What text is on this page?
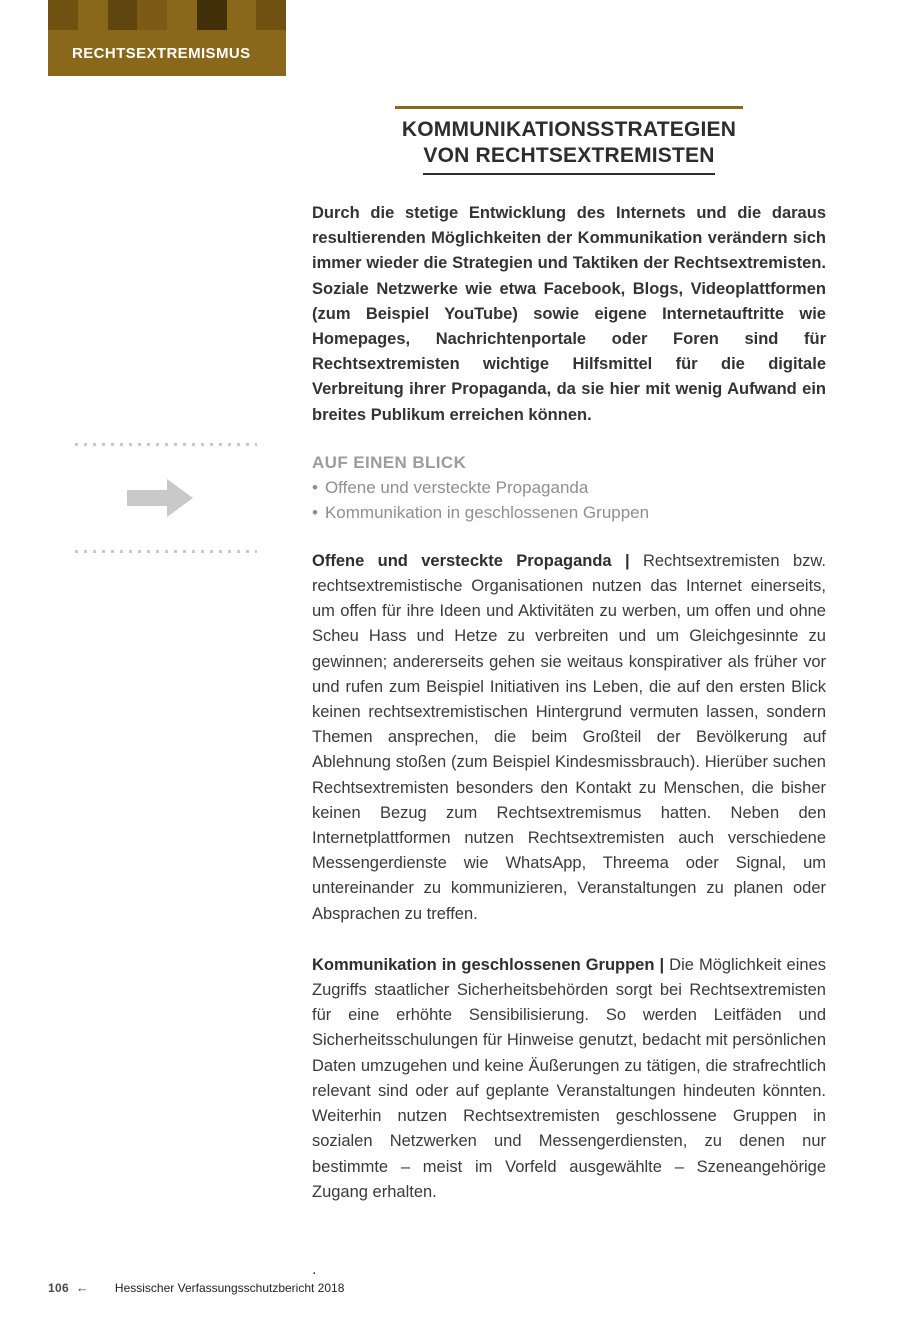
RECHTSEXTREMISMUS
KOMMUNIKATIONSSTRATEGIEN
VON RECHTSEXTREMISTEN

Durch die stetige Entwicklung des Internets und die daraus resultierenden Möglichkeiten der Kommunikation verändern sich immer wieder die Strategien und Taktiken der Rechtsextremisten. Soziale Netzwerke wie etwa Facebook, Blogs, Videoplattformen (zum Beispiel YouTube) sowie eigene Internetauftritte wie Homepages, Nachrichtenportale oder Foren sind für Rechtsextremisten wichtige Hilfsmittel für die digitale Verbreitung ihrer Propaganda, da sie hier mit wenig Aufwand ein breites Publikum erreichen können.

AUF EINEN BLICK
• Offene und versteckte Propaganda
• Kommunikation in geschlossenen Gruppen

Offene und versteckte Propaganda | Rechtsextremisten bzw. rechtsextremistische Organisationen nutzen das Internet einerseits, um offen für ihre Ideen und Aktivitäten zu werben, um offen und ohne Scheu Hass und Hetze zu verbreiten und um Gleichgesinnte zu gewinnen; andererseits gehen sie weitaus konspirativer als früher vor und rufen zum Beispiel Initiativen ins Leben, die auf den ersten Blick keinen rechtsextremistischen Hintergrund vermuten lassen, sondern Themen ansprechen, die beim Großteil der Bevölkerung auf Ablehnung stoßen (zum Beispiel Kindesmissbrauch). Hierüber suchen Rechtsextremisten besonders den Kontakt zu Menschen, die bisher keinen Bezug zum Rechtsextremismus hatten. Neben den Internetplattformen nutzen Rechtsextremisten auch verschiedene Messengerdienste wie WhatsApp, Threema oder Signal, um untereinander zu kommunizieren, Veranstaltungen zu planen oder Absprachen zu treffen.

Kommunikation in geschlossenen Gruppen | Die Möglichkeit eines Zugriffs staatlicher Sicherheitsbehörden sorgt bei Rechtsextremisten für eine erhöhte Sensibilisierung. So werden Leitfäden und Sicherheitsschulungen für Hinweise genutzt, bedacht mit persönlichen Daten umzugehen und keine Äußerungen zu tätigen, die strafrechtlich relevant sind oder auf geplante Veranstaltungen hindeuten könnten. Weiterhin nutzen Rechtsextremisten geschlossene Gruppen in sozialen Netzwerken und Messengerdiensten, zu denen nur bestimmte – meist im Vorfeld ausgewählte – Szeneangehörige Zugang erhalten.

.
106 ← Hessischer Verfassungsschutzbericht 2018
